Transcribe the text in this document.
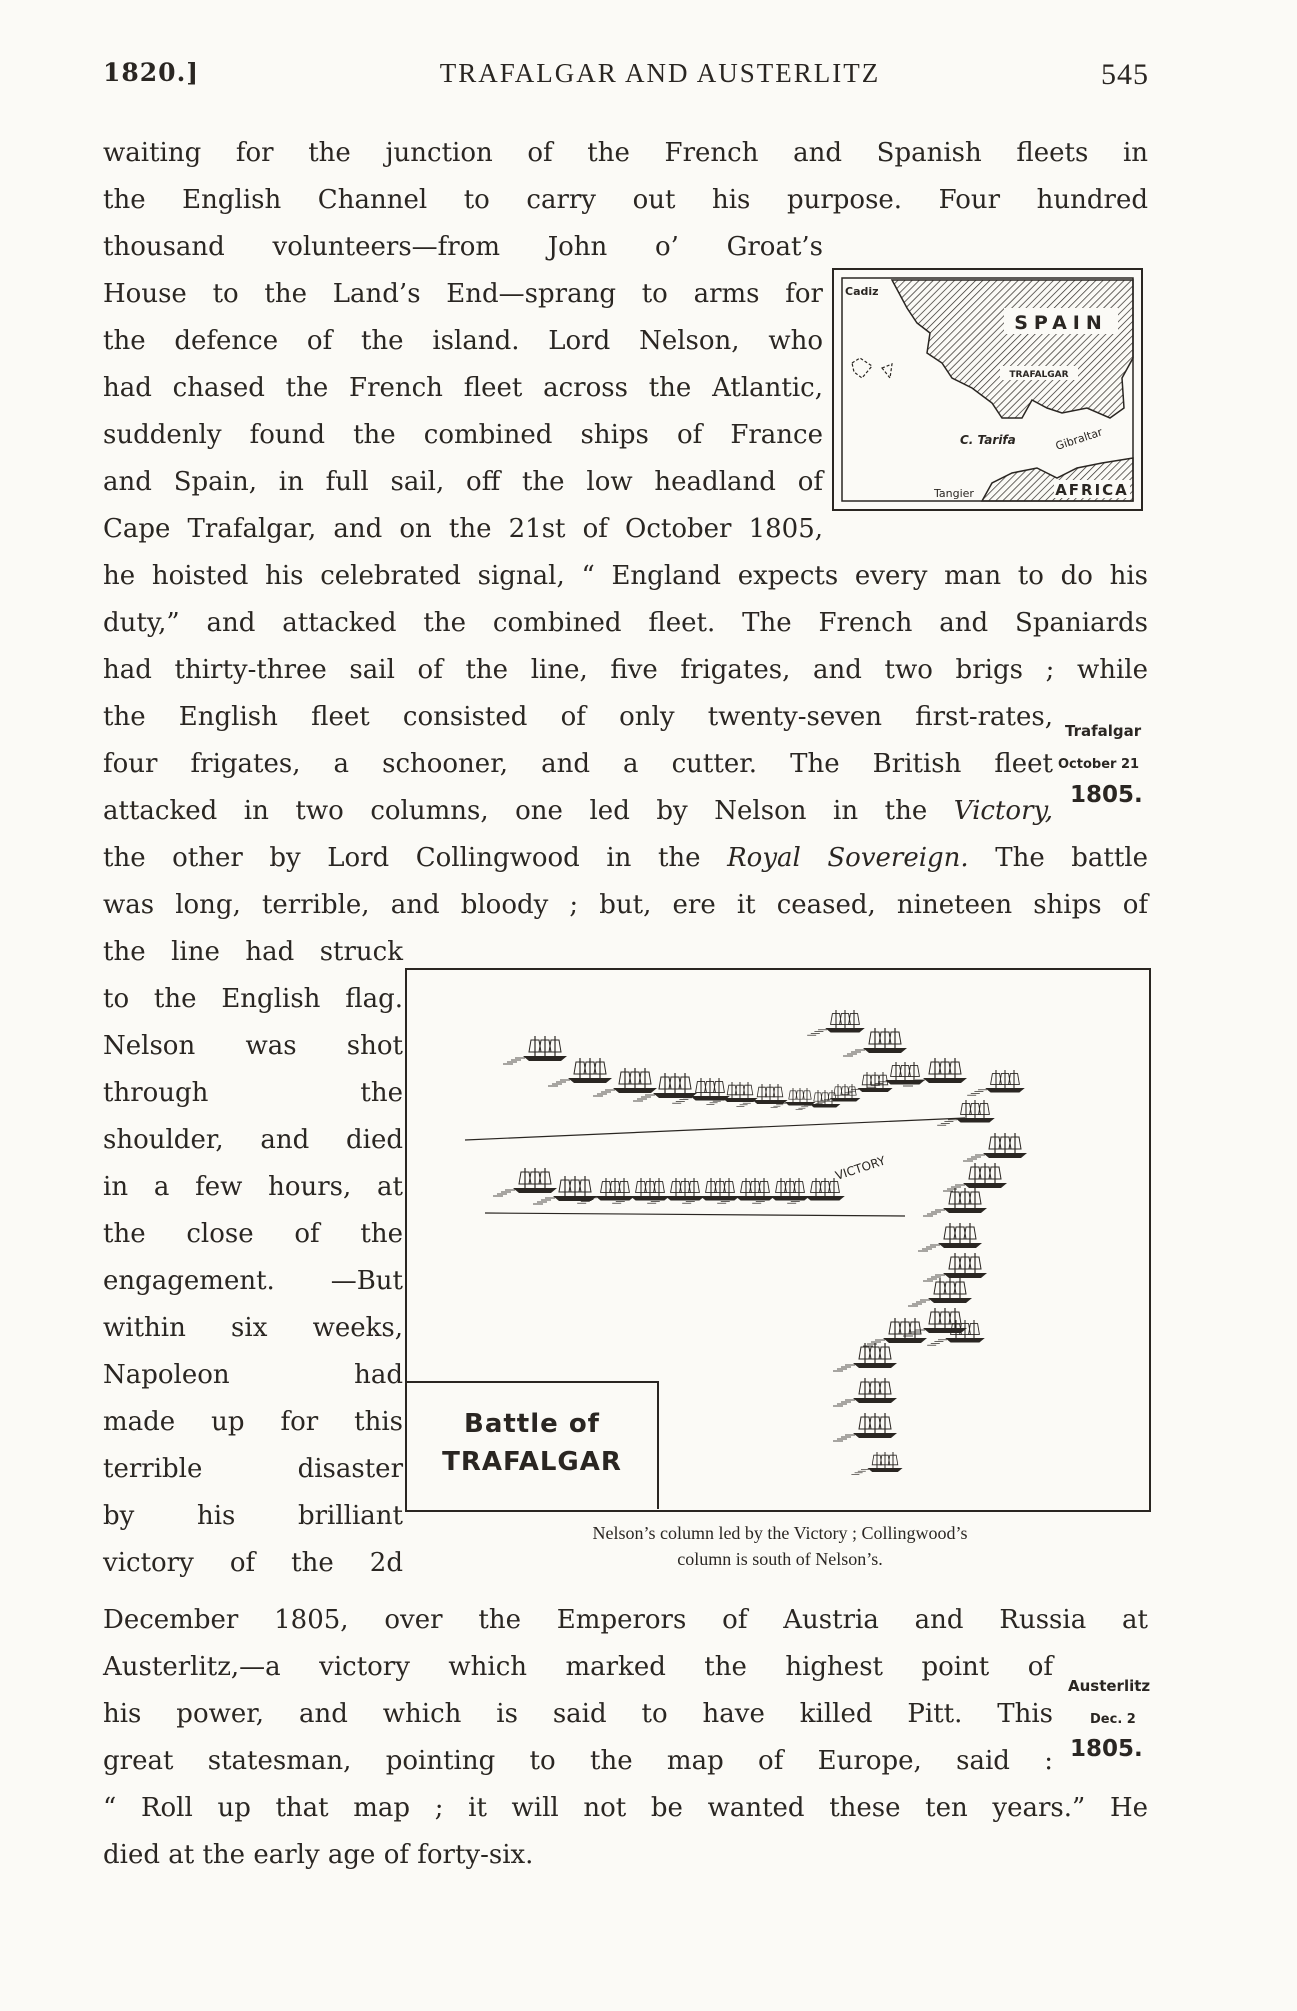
1820.]	TRAFALGAR AND AUSTERLITZ	545
waiting for the junction of the French and Spanish fleets in
the English Channel to carry out his purpose. Four hundred
thousand volunteers—from John o’ Groat’s
House to the Land’s End—sprang to arms for
the defence of the island. Lord Nelson, who
had chased the French fleet across the Atlantic,
suddenly found the combined ships of France
and Spain, in full sail, off the low headland of
Cape Trafalgar, and on the 21st of October 1805,
he hoisted his celebrated signal, “ England expects every man to do his
duty,” and attacked the combined fleet. The French and Spaniards
had thirty-three sail of the line, five frigates, and two brigs ; while
the English fleet consisted of only twenty-seven first-rates,
four frigates, a schooner, and a cutter. The British fleet
attacked in two columns, one led by Nelson in the Victory,
the other by Lord Collingwood in the Royal Sovereign. The battle
was long, terrible, and bloody ; but, ere it ceased, nineteen ships of
the line had struck
to the English flag.
Nelson was shot
through the
shoulder, and died
in a few hours, at
the close of the
engagement. —But
within six weeks,
Napoleon had
made up for this
terrible disaster
by his brilliant
victory of the 2d
December 1805, over the Emperors of Austria and Russia at
Austerlitz,—a victory which marked the highest point of
his power, and which is said to have killed Pitt. This
great statesman, pointing to the map of Europe, said :
“ Roll up that map ; it will not be wanted these ten years.” He
died at the early age of forty-six.
Trafalgar
October 21
1805.
Austerlitz
Dec. 2
1805.
SPAIN
Cadiz
TRAFALGAR
C. Tarifa	Gibraltar
Tangier	AFRICA
VICTORY
Battle of
TRAFALGAR
Nelson’s column led by the Victory ; Collingwood’s
column is south of Nelson’s.
